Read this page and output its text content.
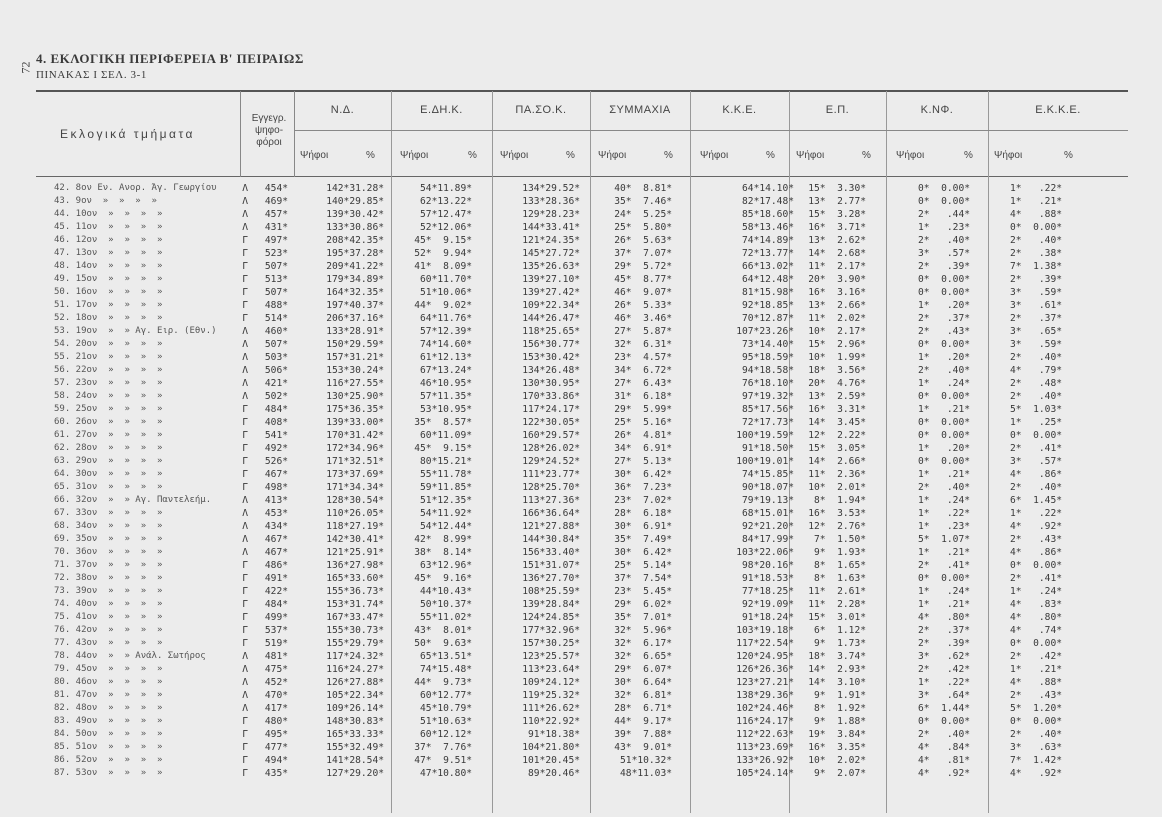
72
4. ΕΚΛΟΓΙΚΗ ΠΕΡΙΦΕΡΕΙΑ Β' ΠΕΙΡΑΙΩΣ
ΠΙΝΑΚΑΣ I ΣΕΛ. 3-1
Εκλογικά τμήματα
Εγγεγρ. ψηφο-φόροι
Ν.Δ.	Ε.ΔΗ.Κ.	ΠΑ.ΣΟ.Κ.	ΣΥΜΜΑΧΙΑ	Κ.Κ.Ε.	Ε.Π.	Κ.ΝΦ.	Ε.Κ.Κ.Ε.
Ψήφοι	%	Ψήφοι	% Ψήφοι	% Ψήφοι	%	Ψήφοι	% Ψήφοι	%	Ψήφοι	% Ψήφοι	%
42. 8ον Εν. Ανορ. Άγ. Γεωργίου	Λ	454*	142*31.28*	54*11.89*	134*29.52*	40*  8.81*	64*14.10* 15*  3.30*	0*  0.00*	1*   .22*
43. 9ον  »  »  »  »	Λ	469*	140*29.85*	62*13.22*	133*28.36*	35*  7.46*	82*17.48* 13*  2.77*	0*  0.00*	1*   .21*
44. 10ον  »  »  »  »	Λ	457*	139*30.42*	57*12.47*	129*28.23*	24*  5.25*	85*18.60* 15*  3.28*	2*   .44*	4*   .88*
45. 11ον  »  »  »  »	Λ	431*	133*30.86*	52*12.06*	144*33.41*	25*  5.80*	58*13.46* 16*  3.71*	1*   .23*	0*  0.00*
46. 12ον  »  »  »  »	Γ	497*	208*42.35*	45*  9.15*	121*24.35*	26*  5.63*	74*14.89* 13*  2.62*	2*   .40*	2*   .40*
47. 13ον  »  »  »  »	Γ	523*	195*37.28*	52*  9.94*	145*27.72*	37*  7.07*	72*13.77* 14*  2.68*	3*   .57*	2*   .38*
48. 14ον  »  »  »  »	Γ	507*	209*41.22*	41*  8.09*	135*26.63*	29*  5.72*	66*13.02* 11*  2.17*	2*   .39*	7*  1.38*
49. 15ον  »  »  »  »	Γ	513*	179*34.89*	60*11.70*	139*27.10*	45*  8.77*	64*12.48* 20*  3.90*	0*  0.00*	2*   .39*
50. 16ον  »  »  »  »	Γ	507*	164*32.35*	51*10.06*	139*27.42*	46*  9.07*	81*15.98* 16*  3.16*	0*  0.00*	3*   .59*
51. 17ον  »  »  »  »	Γ	488*	197*40.37*	44*  9.02*	109*22.34*	26*  5.33*	92*18.85* 13*  2.66*	1*   .20*	3*   .61*
52. 18ον  »  »  »  »	Γ	514*	206*37.16*	64*11.76*	144*26.47*	46*  3.46*	70*12.87* 11*  2.02*	2*   .37*	2*   .37*
53. 19ον  »  » Αγ. Ειρ. (Εθν.)	Λ	460*	133*28.91*	57*12.39*	118*25.65*	27*  5.87*	107*23.26* 10*  2.17*	2*   .43*	3*   .65*
54. 20ον  »  »  »  »	Λ	507*	150*29.59*	74*14.60*	156*30.77*	32*  6.31*	73*14.40* 15*  2.96*	0*  0.00*	3*   .59*
55. 21ον  »  »  »  »	Λ	503*	157*31.21*	61*12.13*	153*30.42*	23*  4.57*	95*18.59* 10*  1.99*	1*   .20*	2*   .40*
56. 22ον  »  »  »  »	Λ	506*	153*30.24*	67*13.24*	134*26.48*	34*  6.72*	94*18.58* 18*  3.56*	2*   .40*	4*   .79*
57. 23ον  »  »  »  »	Λ	421*	116*27.55*	46*10.95*	130*30.95*	27*  6.43*	76*18.10* 20*  4.76*	1*   .24*	2*   .48*
58. 24ον  »  »  »  »	Λ	502*	130*25.90*	57*11.35*	170*33.86*	31*  6.18*	97*19.32* 13*  2.59*	0*  0.00*	2*   .40*
59. 25ον  »  »  »  »	Γ	484*	175*36.35*	53*10.95*	117*24.17*	29*  5.99*	85*17.56* 16*  3.31*	1*   .21*	5*  1.03*
60. 26ον  »  »  »  »	Γ	408*	139*33.00*	35*  8.57*	122*30.05*	25*  5.16*	72*17.73* 14*  3.45*	0*  0.00*	1*   .25*
61. 27ον  »  »  »  »	Γ	541*	170*31.42*	60*11.09*	160*29.57*	26*  4.81*	100*19.59* 12*  2.22*	0*  0.00*	0*  0.00*
62. 28ον  »  »  »  »	Γ	492*	172*34.96*	45*  9.15*	128*26.02*	34*  6.91*	91*18.50* 15*  3.05*	1*   .20*	2*   .41*
63. 29ον  »  »  »  »	Γ	526*	171*32.51*	80*15.21*	129*24.52*	27*  5.13*	100*19.01* 14*  2.66*	0*  0.00*	3*   .57*
64. 30ον  »  »  »  »	Γ	467*	173*37.69*	55*11.78*	111*23.77*	30*  6.42*	74*15.85* 11*  2.36*	1*   .21*	4*   .86*
65. 31ον  »  »  »  »	Γ	498*	171*34.34*	59*11.85*	128*25.70*	36*  7.23*	90*18.07* 10*  2.01*	2*   .40*	2*   .40*
66. 32ον  »  » Αγ. Παντελεήμ.	Λ	413*	128*30.54*	51*12.35*	113*27.36*	23*  7.02*	79*19.13*	8*  1.94*	1*   .24*	6*  1.45*
67. 33ον  »  »  »  »	Λ	453*	110*26.05*	54*11.92*	166*36.64*	28*  6.18*	68*15.01* 16*  3.53*	1*   .22*	1*   .22*
68. 34ον  »  »  »  »	Λ	434*	118*27.19*	54*12.44*	121*27.88*	30*  6.91*	92*21.20* 12*  2.76*	1*   .23*	4*   .92*
69. 35ον  »  »  »  »	Λ	467*	142*30.41*	42*  8.99*	144*30.84*	35*  7.49*	84*17.99*	7*  1.50*	5*  1.07*	2*   .43*
70. 36ον  »  »  »  »	Λ	467*	121*25.91*	38*  8.14*	156*33.40*	30*  6.42*	103*22.06*	9*  1.93*	1*   .21*	4*   .86*
71. 37ον  »  »  »  »	Γ	486*	136*27.98*	63*12.96*	151*31.07*	25*  5.14*	98*20.16*	8*  1.65*	2*   .41*	0*  0.00*
72. 38ον  »  »  »  »	Γ	491*	165*33.60*	45*  9.16*	136*27.70*	37*  7.54*	91*18.53*	8*  1.63*	0*  0.00*	2*   .41*
73. 39ον  »  »  »  »	Γ	422*	155*36.73*	44*10.43*	108*25.59*	23*  5.45*	77*18.25* 11*  2.61*	1*   .24*	1*   .24*
74. 40ον  »  »  »  »	Γ	484*	153*31.74*	50*10.37*	139*28.84*	29*  6.02*	92*19.09* 11*  2.28*	1*   .21*	4*   .83*
75. 41ον  »  »  »  »	Γ	499*	167*33.47*	55*11.02*	124*24.85*	35*  7.01*	91*18.24* 15*  3.01*	4*   .80*	4*   .80*
76. 42ον  »  »  »  »	Γ	537*	155*30.73*	43*  8.01*	177*32.96*	32*  5.96*	103*19.18*	6*  1.12*	2*   .37*	4*   .74*
77. 43ον  »  »  »  »	Γ	519*	155*29.79*	50*  9.63*	157*30.25*	32*  6.17*	117*22.54*	9*  1.73*	2*   .39*	0*  0.00*
78. 44ον  »  » Ανάλ. Σωτήρος	Λ	481*	117*24.32*	65*13.51*	123*25.57*	32*  6.65*	120*24.95* 18*  3.74*	3*   .62*	2*   .42*
79. 45ον  »  »  »  »	Λ	475*	116*24.27*	74*15.48*	113*23.64*	29*  6.07*	126*26.36* 14*  2.93*	2*   .42*	1*   .21*
80. 46ον  »  »  »  »	Λ	452*	126*27.88*	44*  9.73*	109*24.12*	30*  6.64*	123*27.21* 14*  3.10*	1*   .22*	4*   .88*
81. 47ον  »  »  »  »	Λ	470*	105*22.34*	60*12.77*	119*25.32*	32*  6.81*	138*29.36*	9*  1.91*	3*   .64*	2*   .43*
82. 48ον  »  »  »  »	Λ	417*	109*26.14*	45*10.79*	111*26.62*	28*  6.71*	102*24.46*	8*  1.92*	6*  1.44*	5*  1.20*
83. 49ον  »  »  »  »	Γ	480*	148*30.83*	51*10.63*	110*22.92*	44*  9.17*	116*24.17*	9*  1.88*	0*  0.00*	0*  0.00*
84. 50ον  »  »  »  »	Γ	495*	165*33.33*	60*12.12*	91*18.38*	39*  7.88*	112*22.63* 19*  3.84*	2*   .40*	2*   .40*
85. 51ον  »  »  »  »	Γ	477*	155*32.49*	37*  7.76*	104*21.80*	43*  9.01*	113*23.69* 16*  3.35*	4*   .84*	3*   .63*
86. 52ον  »  »  »  »	Γ	494*	141*28.54*	47*  9.51*	101*20.45*	51*10.32*	133*26.92* 10*  2.02*	4*   .81*	7*  1.42*
87. 53ον  »  »  »  »	Γ	435*	127*29.20*	47*10.80*	89*20.46*	48*11.03*	105*24.14*	9*  2.07*	4*   .92*	4*   .92*
